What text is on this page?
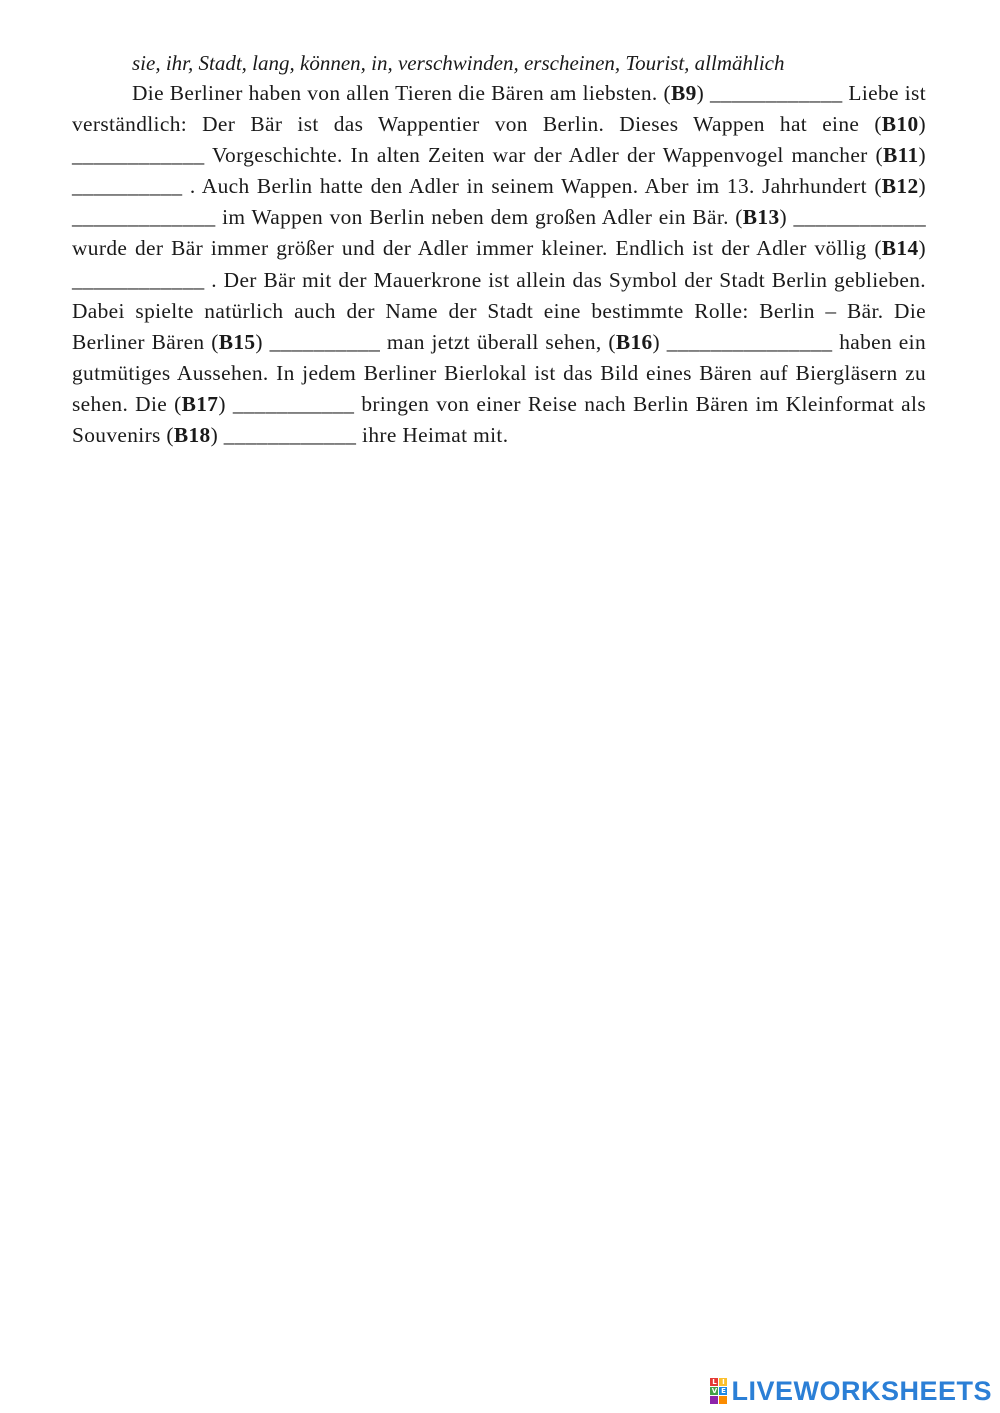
sie, ihr, Stadt, lang, können, in, verschwinden, erscheinen, Tourist, allmählich

Die Berliner haben von allen Tieren die Bären am liebsten. (B9) ____________ Liebe ist verständlich: Der Bär ist das Wappentier von Berlin. Dieses Wappen hat eine (B10) ____________ Vorgeschichte. In alten Zeiten war der Adler der Wappenvogel mancher (B11) __________ . Auch Berlin hatte den Adler in seinem Wappen. Aber im 13. Jahrhundert (B12) _____________ im Wappen von Berlin neben dem großen Adler ein Bär. (B13) ____________ wurde der Bär immer größer und der Adler immer kleiner. Endlich ist der Adler völlig (B14) ____________ . Der Bär mit der Mauerkrone ist allein das Symbol der Stadt Berlin geblieben. Dabei spielte natürlich auch der Name der Stadt eine bestimmte Rolle: Berlin – Bär. Die Berliner Bären (B15) __________ man jetzt überall sehen, (B16) _______________ haben ein gutmütiges Aussehen. In jedem Berliner Bierlokal ist das Bild eines Bären auf Biergläsern zu sehen. Die (B17) ___________ bringen von einer Reise nach Berlin Bären im Kleinformat als Souvenirs (B18) ____________ ihre Heimat mit.

L I
V E LIVEWORKSHEETS
